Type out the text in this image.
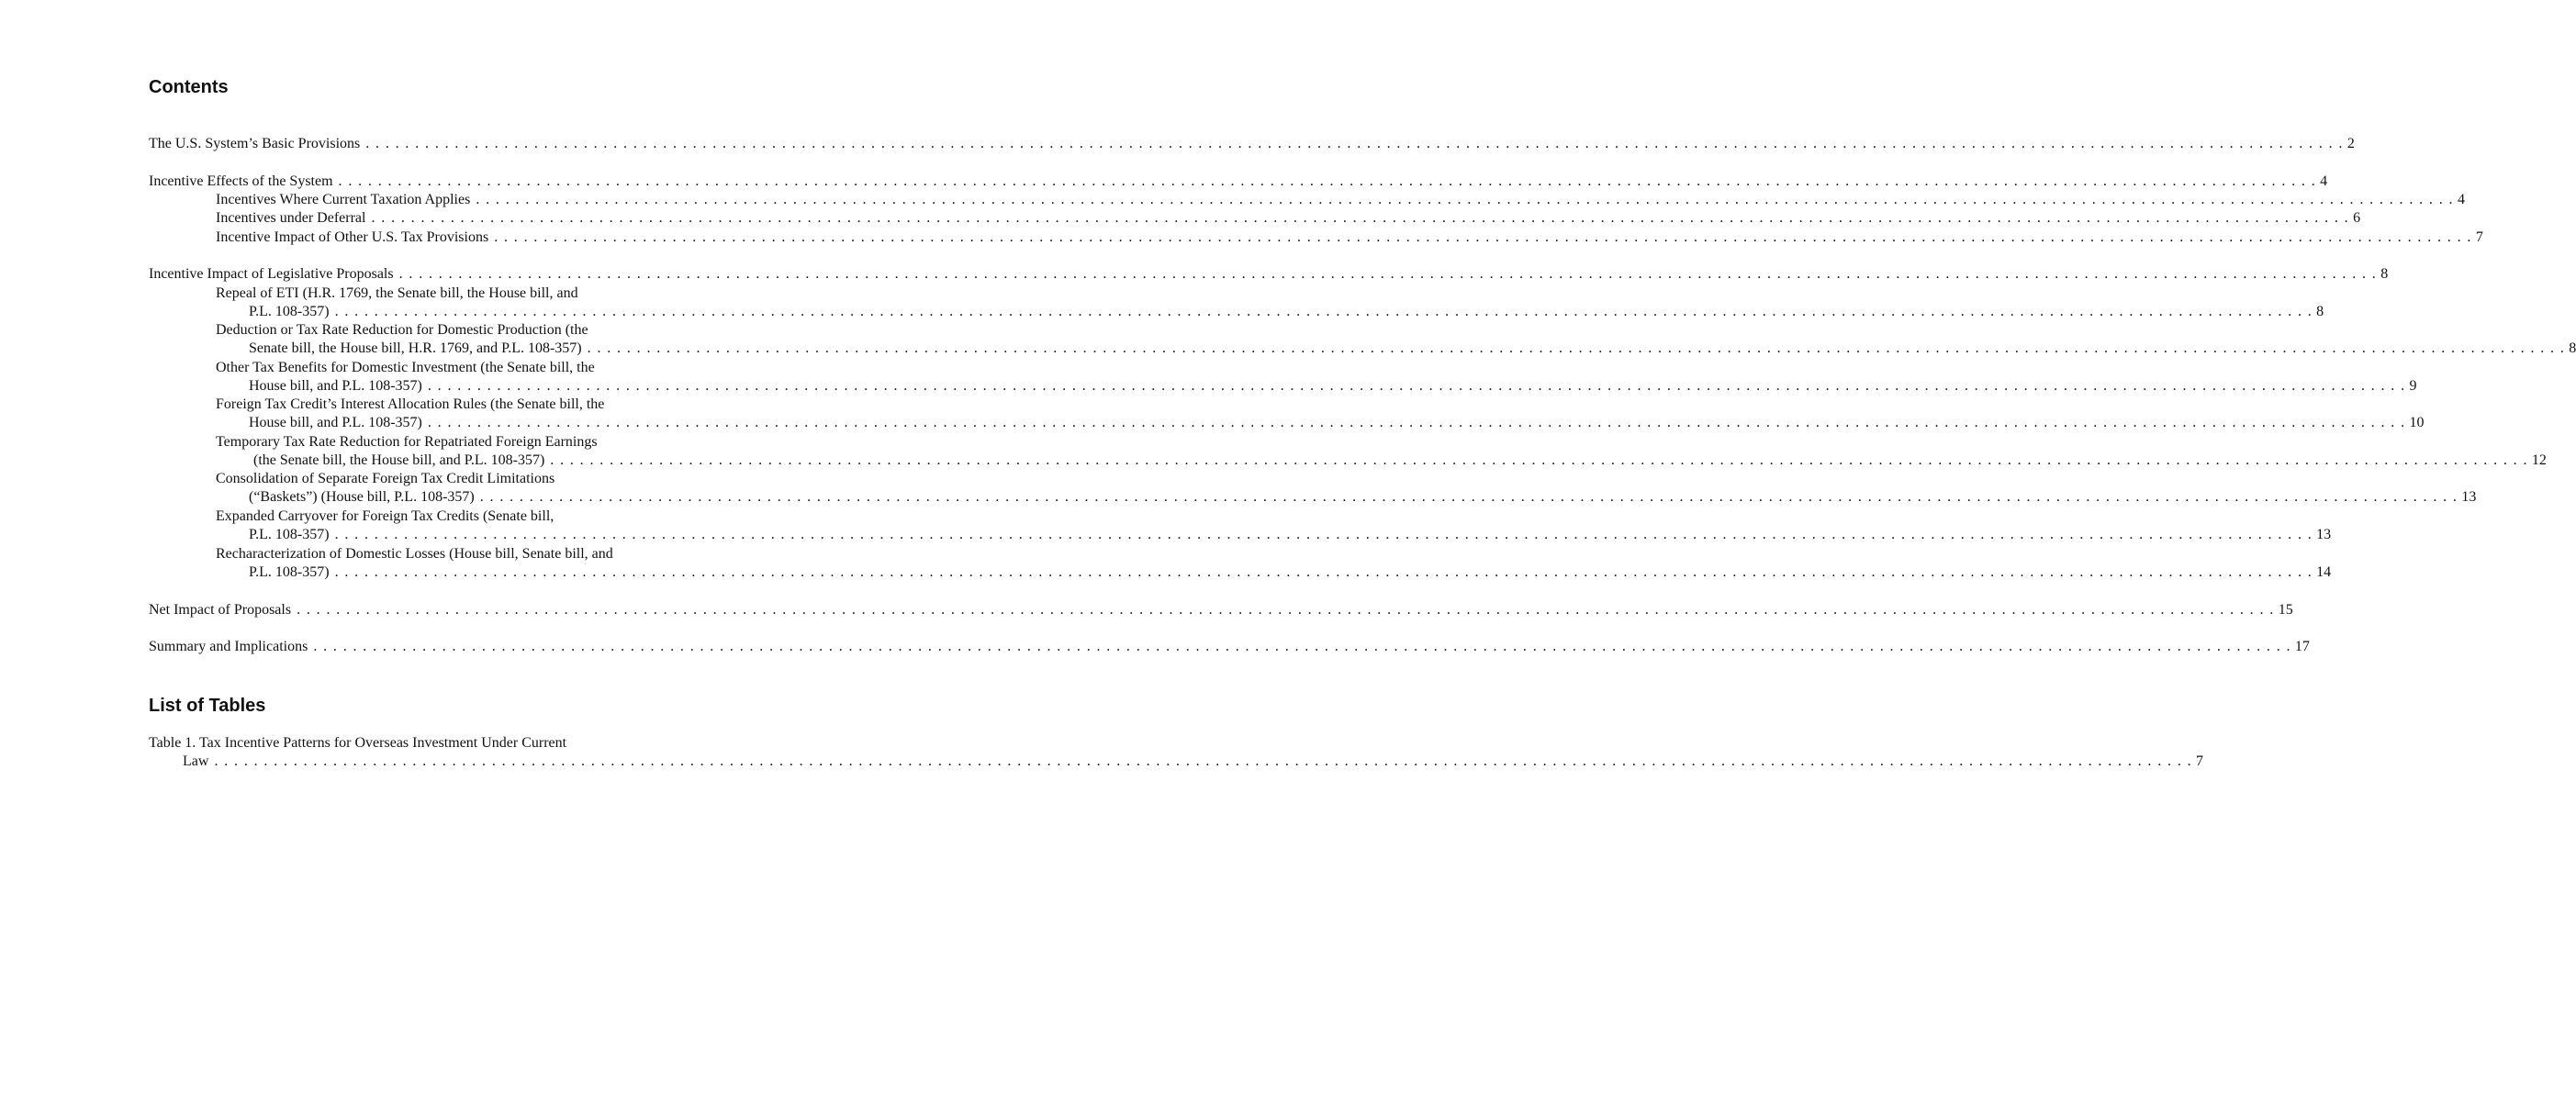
Contents
List of Tables
The U.S. System’s Basic Provisions . . . . . . . . . . . . . . . . . . . . . . . . . . . . . . . . . . . . . . . . . . . . . . . . . . . . . . . . . . . . . . . . . . . . . . . . . . . . . . . . . . . . . . . . . . . . . . . . . . . . . . . . . . . . . . . . . . . . . . . . . . . . . . . . . . . . . . . . . . . . . . . . . . . . . . . . . . . . . . . . . . . . . . . . . . . . . . . . . . . . . . . . . . . . . . . . . . . . . . . . 2
Incentive Effects of the System . . . . . . . . . . . . . . . . . . . . . . . . . . . . . . . . . . . . . . . . . . . . . . . . . . . . . . . . . . . . . . . . . . . . . . . . . . . . . . . . . . . . . . . . . . . . . . . . . . . . . . . . . . . . . . . . . . . . . . . . . . . . . . . . . . . . . . . . . . . . . . . . . . . . . . . . . . . . . . . . . . . . . . . . . . . . . . . . . . . . . . . . . . . . . . . . . . . . . . . . 4
Incentives Where Current Taxation Applies . . . . . . . . . . . . . . . . . . . . . . . . . . . . . . . . . . . . . . . . . . . . . . . . . . . . . . . . . . . . . . . . . . . . . . . . . . . . . . . . . . . . . . . . . . . . . . . . . . . . . . . . . . . . . . . . . . . . . . . . . . . . . . . . . . . . . . . . . . . . . . . . . . . . . . . . . . . . . . . . . . . . . . . . . . . . . . . . . . . . . . . . . . . . . . . . . . . . . . . . 4
Incentives under Deferral . . . . . . . . . . . . . . . . . . . . . . . . . . . . . . . . . . . . . . . . . . . . . . . . . . . . . . . . . . . . . . . . . . . . . . . . . . . . . . . . . . . . . . . . . . . . . . . . . . . . . . . . . . . . . . . . . . . . . . . . . . . . . . . . . . . . . . . . . . . . . . . . . . . . . . . . . . . . . . . . . . . . . . . . . . . . . . . . . . . . . . . . . . . . . . . . . . . . . . . . 6
Incentive Impact of Other U.S. Tax Provisions . . . . . . . . . . . . . . . . . . . . . . . . . . . . . . . . . . . . . . . . . . . . . . . . . . . . . . . . . . . . . . . . . . . . . . . . . . . . . . . . . . . . . . . . . . . . . . . . . . . . . . . . . . . . . . . . . . . . . . . . . . . . . . . . . . . . . . . . . . . . . . . . . . . . . . . . . . . . . . . . . . . . . . . . . . . . . . . . . . . . . . . . . . . . . . . . . . . . . . . . 7
Incentive Impact of Legislative Proposals . . . . . . . . . . . . . . . . . . . . . . . . . . . . . . . . . . . . . . . . . . . . . . . . . . . . . . . . . . . . . . . . . . . . . . . . . . . . . . . . . . . . . . . . . . . . . . . . . . . . . . . . . . . . . . . . . . . . . . . . . . . . . . . . . . . . . . . . . . . . . . . . . . . . . . . . . . . . . . . . . . . . . . . . . . . . . . . . . . . . . . . . . . . . . . . . . . . . . . . . 8
Repeal of ETI (H.R. 1769, the Senate bill, the House bill, and
P.L. 108-357) . . . . . . . . . . . . . . . . . . . . . . . . . . . . . . . . . . . . . . . . . . . . . . . . . . . . . . . . . . . . . . . . . . . . . . . . . . . . . . . . . . . . . . . . . . . . . . . . . . . . . . . . . . . . . . . . . . . . . . . . . . . . . . . . . . . . . . . . . . . . . . . . . . . . . . . . . . . . . . . . . . . . . . . . . . . . . . . . . . . . . . . . . . . . . . . . . . . . . . . . 8
Deduction or Tax Rate Reduction for Domestic Production (the
Senate bill, the House bill, H.R. 1769, and P.L. 108-357) . . . . . . . . . . . . . . . . . . . . . . . . . . . . . . . . . . . . . . . . . . . . . . . . . . . . . . . . . . . . . . . . . . . . . . . . . . . . . . . . . . . . . . . . . . . . . . . . . . . . . . . . . . . . . . . . . . . . . . . . . . . . . . . . . . . . . . . . . . . . . . . . . . . . . . . . . . . . . . . . . . . . . . . . . . . . . . . . . . . . . . . . . . . . . . . . . . . . . . . . 8
Other Tax Benefits for Domestic Investment (the Senate bill, the
House bill, and P.L. 108-357) . . . . . . . . . . . . . . . . . . . . . . . . . . . . . . . . . . . . . . . . . . . . . . . . . . . . . . . . . . . . . . . . . . . . . . . . . . . . . . . . . . . . . . . . . . . . . . . . . . . . . . . . . . . . . . . . . . . . . . . . . . . . . . . . . . . . . . . . . . . . . . . . . . . . . . . . . . . . . . . . . . . . . . . . . . . . . . . . . . . . . . . . . . . . . . . . . . . . . . . . 9
Foreign Tax Credit’s Interest Allocation Rules (the Senate bill, the
House bill, and P.L. 108-357) . . . . . . . . . . . . . . . . . . . . . . . . . . . . . . . . . . . . . . . . . . . . . . . . . . . . . . . . . . . . . . . . . . . . . . . . . . . . . . . . . . . . . . . . . . . . . . . . . . . . . . . . . . . . . . . . . . . . . . . . . . . . . . . . . . . . . . . . . . . . . . . . . . . . . . . . . . . . . . . . . . . . . . . . . . . . . . . . . . . . . . . . . . . . . . . . . . . . . . . . 10
Temporary Tax Rate Reduction for Repatriated Foreign Earnings
(the Senate bill, the House bill, and P.L. 108-357) . . . . . . . . . . . . . . . . . . . . . . . . . . . . . . . . . . . . . . . . . . . . . . . . . . . . . . . . . . . . . . . . . . . . . . . . . . . . . . . . . . . . . . . . . . . . . . . . . . . . . . . . . . . . . . . . . . . . . . . . . . . . . . . . . . . . . . . . . . . . . . . . . . . . . . . . . . . . . . . . . . . . . . . . . . . . . . . . . . . . . . . . . . . . . . . . . . . . . . . . 12
Consolidation of Separate Foreign Tax Credit Limitations
(“Baskets”) (House bill, P.L. 108-357) . . . . . . . . . . . . . . . . . . . . . . . . . . . . . . . . . . . . . . . . . . . . . . . . . . . . . . . . . . . . . . . . . . . . . . . . . . . . . . . . . . . . . . . . . . . . . . . . . . . . . . . . . . . . . . . . . . . . . . . . . . . . . . . . . . . . . . . . . . . . . . . . . . . . . . . . . . . . . . . . . . . . . . . . . . . . . . . . . . . . . . . . . . . . . . . . . . . . . . . . 13
Expanded Carryover for Foreign Tax Credits (Senate bill,
P.L. 108-357) . . . . . . . . . . . . . . . . . . . . . . . . . . . . . . . . . . . . . . . . . . . . . . . . . . . . . . . . . . . . . . . . . . . . . . . . . . . . . . . . . . . . . . . . . . . . . . . . . . . . . . . . . . . . . . . . . . . . . . . . . . . . . . . . . . . . . . . . . . . . . . . . . . . . . . . . . . . . . . . . . . . . . . . . . . . . . . . . . . . . . . . . . . . . . . . . . . . . . . . . 13
Recharacterization of Domestic Losses (House bill, Senate bill, and
P.L. 108-357) . . . . . . . . . . . . . . . . . . . . . . . . . . . . . . . . . . . . . . . . . . . . . . . . . . . . . . . . . . . . . . . . . . . . . . . . . . . . . . . . . . . . . . . . . . . . . . . . . . . . . . . . . . . . . . . . . . . . . . . . . . . . . . . . . . . . . . . . . . . . . . . . . . . . . . . . . . . . . . . . . . . . . . . . . . . . . . . . . . . . . . . . . . . . . . . . . . . . . . . . 14
Net Impact of Proposals . . . . . . . . . . . . . . . . . . . . . . . . . . . . . . . . . . . . . . . . . . . . . . . . . . . . . . . . . . . . . . . . . . . . . . . . . . . . . . . . . . . . . . . . . . . . . . . . . . . . . . . . . . . . . . . . . . . . . . . . . . . . . . . . . . . . . . . . . . . . . . . . . . . . . . . . . . . . . . . . . . . . . . . . . . . . . . . . . . . . . . . . . . . . . . . . . . . . . . . . 15
Summary and Implications . . . . . . . . . . . . . . . . . . . . . . . . . . . . . . . . . . . . . . . . . . . . . . . . . . . . . . . . . . . . . . . . . . . . . . . . . . . . . . . . . . . . . . . . . . . . . . . . . . . . . . . . . . . . . . . . . . . . . . . . . . . . . . . . . . . . . . . . . . . . . . . . . . . . . . . . . . . . . . . . . . . . . . . . . . . . . . . . . . . . . . . . . . . . . . . . . . . . . . . . 17
Table 1. Tax Incentive Patterns for Overseas Investment Under Current
Law . . . . . . . . . . . . . . . . . . . . . . . . . . . . . . . . . . . . . . . . . . . . . . . . . . . . . . . . . . . . . . . . . . . . . . . . . . . . . . . . . . . . . . . . . . . . . . . . . . . . . . . . . . . . . . . . . . . . . . . . . . . . . . . . . . . . . . . . . . . . . . . . . . . . . . . . . . . . . . . . . . . . . . . . . . . . . . . . . . . . . . . . . . . . . . . . . . . . . . . . 7
